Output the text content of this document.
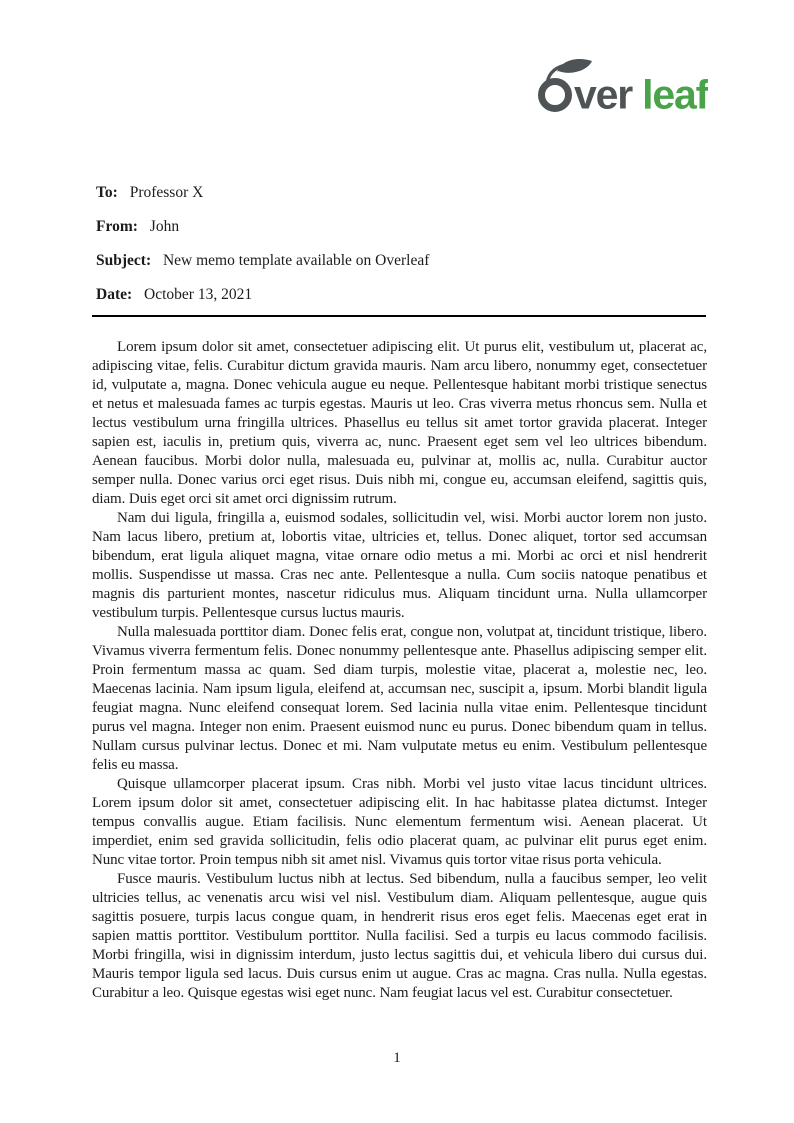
ver leaf
To: Professor X
From: John
Subject: New memo template available on Overleaf
Date: October 13, 2021

Lorem ipsum dolor sit amet, consectetuer adipiscing elit. Ut purus elit, vestibulum ut, placerat ac, adipiscing vitae, felis. Curabitur dictum gravida mauris. Nam arcu libero, nonummy eget, consectetuer id, vulputate a, magna. Donec vehicula augue eu neque. Pellentesque habitant morbi tristique senectus et netus et malesuada fames ac turpis egestas. Mauris ut leo. Cras viverra metus rhoncus sem. Nulla et lectus vestibulum urna fringilla ultrices. Phasellus eu tellus sit amet tortor gravida placerat. Integer sapien est, iaculis in, pretium quis, viverra ac, nunc. Praesent eget sem vel leo ultrices bibendum. Aenean faucibus. Morbi dolor nulla, malesuada eu, pulvinar at, mollis ac, nulla. Curabitur auctor semper nulla. Donec varius orci eget risus. Duis nibh mi, congue eu, accumsan eleifend, sagittis quis, diam. Duis eget orci sit amet orci dignissim rutrum.

Nam dui ligula, fringilla a, euismod sodales, sollicitudin vel, wisi. Morbi auctor lorem non justo. Nam lacus libero, pretium at, lobortis vitae, ultricies et, tellus. Donec aliquet, tortor sed accumsan bibendum, erat ligula aliquet magna, vitae ornare odio metus a mi. Morbi ac orci et nisl hendrerit mollis. Suspendisse ut massa. Cras nec ante. Pellentesque a nulla. Cum sociis natoque penatibus et magnis dis parturient montes, nascetur ridiculus mus. Aliquam tincidunt urna. Nulla ullamcorper vestibulum turpis. Pellentesque cursus luctus mauris.

Nulla malesuada porttitor diam. Donec felis erat, congue non, volutpat at, tincidunt tristique, libero. Vivamus viverra fermentum felis. Donec nonummy pellentesque ante. Phasellus adipiscing semper elit. Proin fermentum massa ac quam. Sed diam turpis, molestie vitae, placerat a, molestie nec, leo. Maecenas lacinia. Nam ipsum ligula, eleifend at, accumsan nec, suscipit a, ipsum. Morbi blandit ligula feugiat magna. Nunc eleifend consequat lorem. Sed lacinia nulla vitae enim. Pellentesque tincidunt purus vel magna. Integer non enim. Praesent euismod nunc eu purus. Donec bibendum quam in tellus. Nullam cursus pulvinar lectus. Donec et mi. Nam vulputate metus eu enim. Vestibulum pellentesque felis eu massa.

Quisque ullamcorper placerat ipsum. Cras nibh. Morbi vel justo vitae lacus tincidunt ultrices. Lorem ipsum dolor sit amet, consectetuer adipiscing elit. In hac habitasse platea dictumst. Integer tempus convallis augue. Etiam facilisis. Nunc elementum fermentum wisi. Aenean placerat. Ut imperdiet, enim sed gravida sollicitudin, felis odio placerat quam, ac pulvinar elit purus eget enim. Nunc vitae tortor. Proin tempus nibh sit amet nisl. Vivamus quis tortor vitae risus porta vehicula.

Fusce mauris. Vestibulum luctus nibh at lectus. Sed bibendum, nulla a faucibus semper, leo velit ultricies tellus, ac venenatis arcu wisi vel nisl. Vestibulum diam. Aliquam pellentesque, augue quis sagittis posuere, turpis lacus congue quam, in hendrerit risus eros eget felis. Maecenas eget erat in sapien mattis porttitor. Vestibulum porttitor. Nulla facilisi. Sed a turpis eu lacus commodo facilisis. Morbi fringilla, wisi in dignissim interdum, justo lectus sagittis dui, et vehicula libero dui cursus dui. Mauris tempor ligula sed lacus. Duis cursus enim ut augue. Cras ac magna. Cras nulla. Nulla egestas. Curabitur a leo. Quisque egestas wisi eget nunc. Nam feugiat lacus vel est. Curabitur consectetuer.

1
